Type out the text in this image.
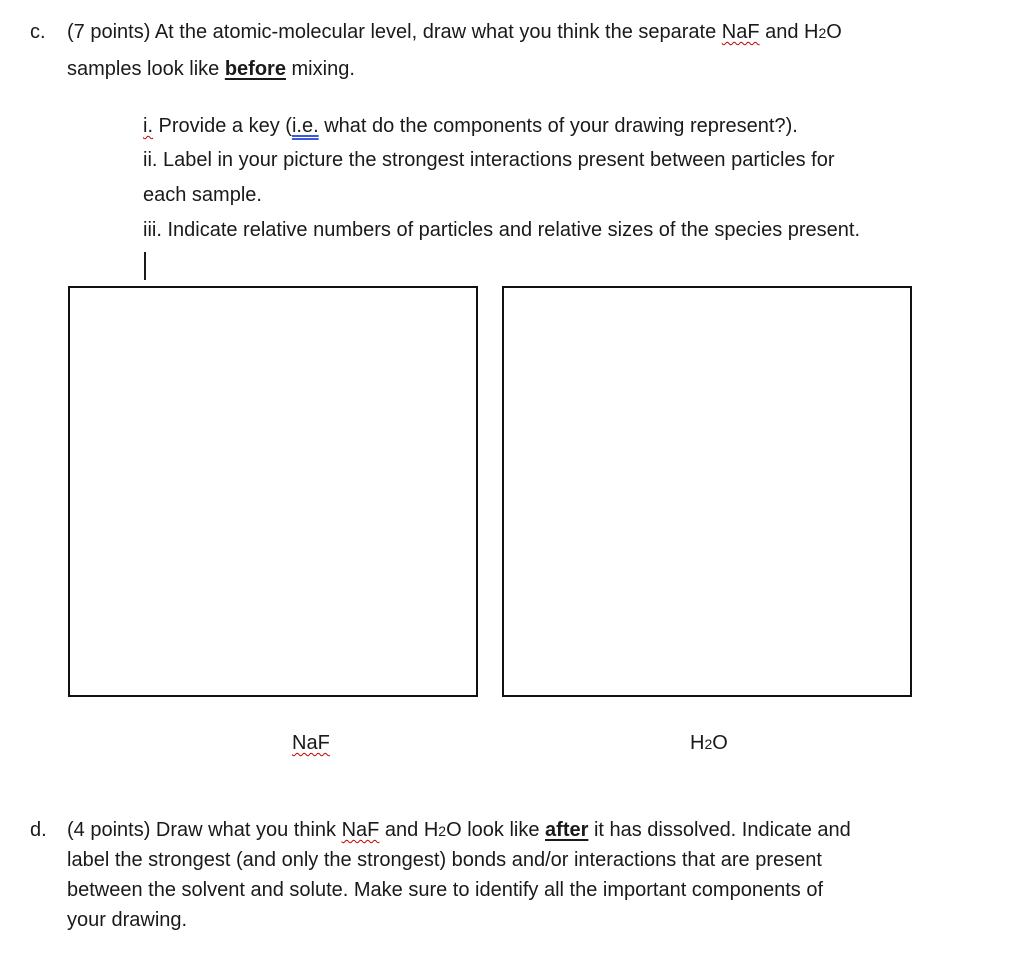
c. (7 points) At the atomic-molecular level, draw what you think the separate NaF and H2O
samples look like before mixing.
i. Provide a key (i.e. what do the components of your drawing represent?).
ii. Label in your picture the strongest interactions present between particles for
each sample.
iii. Indicate relative numbers of particles and relative sizes of the species present.
NaF	H2O
d. (4 points) Draw what you think NaF and H2O look like after it has dissolved. Indicate and
label the strongest (and only the strongest) bonds and/or interactions that are present
between the solvent and solute. Make sure to identify all the important components of
your drawing.
